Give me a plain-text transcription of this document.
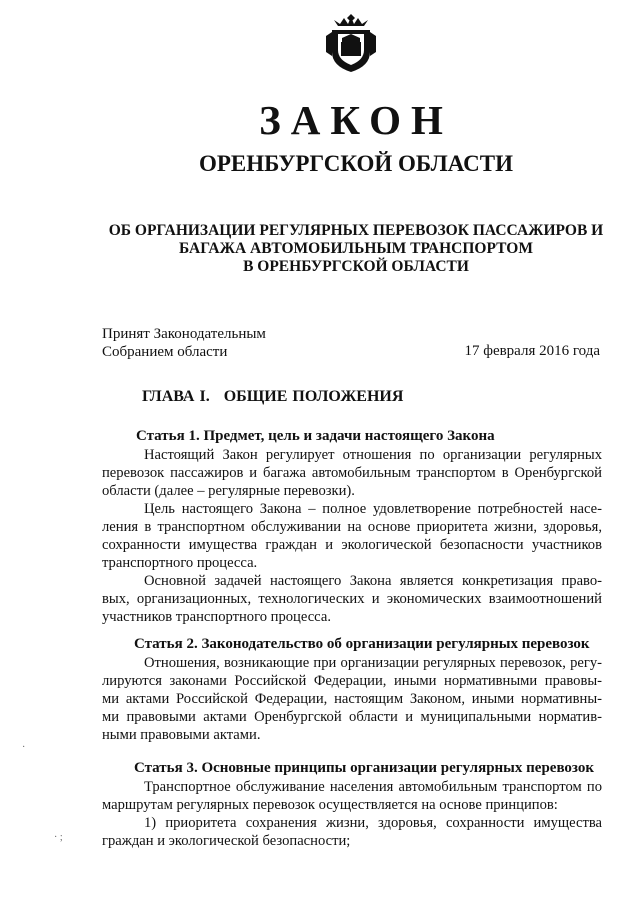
ЗАКОН
ОРЕНБУРГСКОЙ ОБЛАСТИ
ОБ ОРГАНИЗАЦИИ РЕГУЛЯРНЫХ ПЕРЕВОЗОК ПАССАЖИРОВ И
БАГАЖА АВТОМОБИЛЬНЫМ ТРАНСПОРТОМ
В ОРЕНБУРГСКОЙ ОБЛАСТИ
Принят Законодательным
Собранием области	17 февраля 2016 года
ГЛАВА I. ОБЩИЕ ПОЛОЖЕНИЯ
Статья 1. Предмет, цель и задачи настоящего Закона
Настоящий Закон регулирует отношения по организации регулярных
перевозок пассажиров и багажа автомобильным транспортом в Оренбургской
области (далее – регулярные перевозки).
Цель настоящего Закона – полное удовлетворение потребностей насе-
ления в транспортном обслуживании на основе приоритета жизни, здоровья,
сохранности имущества граждан и экологической безопасности участников
транспортного процесса.
Основной задачей настоящего Закона является конкретизация право-
вых, организационных, технологических и экономических взаимоотношений
участников транспортного процесса.
Статья 2. Законодательство об организации регулярных перевозок
Отношения, возникающие при организации регулярных перевозок, регу-
лируются законами Российской Федерации, иными нормативными правовы-
ми актами Российской Федерации, настоящим Законом, иными нормативны-
ми правовыми актами Оренбургской области и муниципальными норматив-
ными правовыми актами.
Статья 3. Основные принципы организации регулярных перевозок
Транспортное обслуживание населения автомобильным транспортом по
маршрутам регулярных перевозок осуществляется на основе принципов:
1) приоритета сохранения жизни, здоровья, сохранности имущества
граждан и экологической безопасности;
· ;
·
